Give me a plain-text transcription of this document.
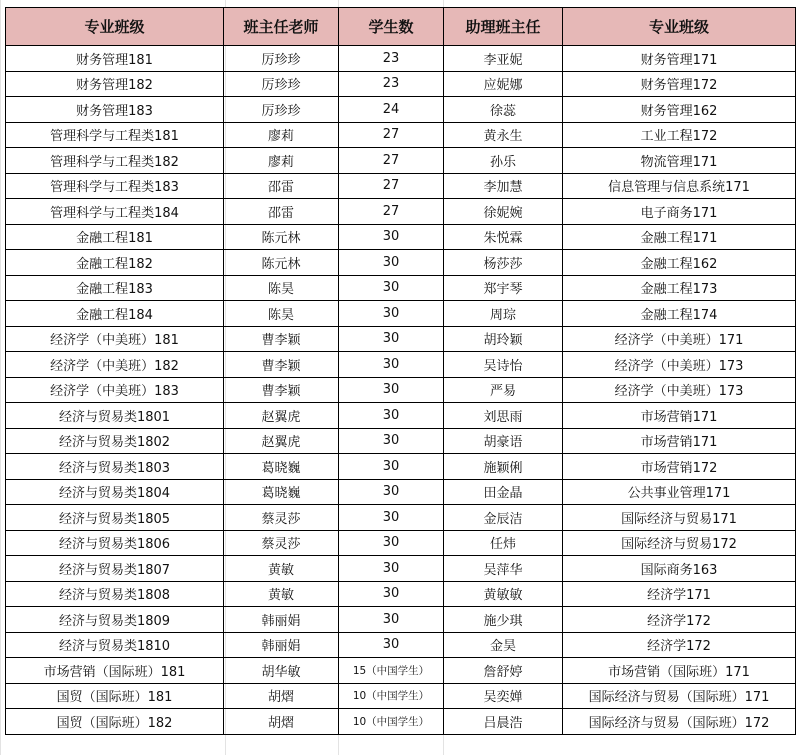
专业班级	班主任老师	学生数	助理班主任	专业班级
财务管理181	厉珍珍	23	李亚妮	财务管理171
财务管理182	厉珍珍	23	应妮娜	财务管理172
财务管理183	厉珍珍	24	徐蕊	财务管理162
管理科学与工程类181	廖莉	27	黄永生	工业工程172
管理科学与工程类182	廖莉	27	孙乐	物流管理171
管理科学与工程类183	邵雷	27	李加慧	信息管理与信息系统171
管理科学与工程类184	邵雷	27	徐妮婉	电子商务171
金融工程181	陈元林	30	朱悦霖	金融工程171
金融工程182	陈元林	30	杨莎莎	金融工程162
金融工程183	陈昊	30	郑宇琴	金融工程173
金融工程184	陈昊	30	周琮	金融工程174
经济学（中美班）181	曹李颖	30	胡玲颖	经济学（中美班）171
经济学（中美班）182	曹李颖	30	吴诗怡	经济学（中美班）173
经济学（中美班）183	曹李颖	30	严易	经济学（中美班）173
经济与贸易类1801	赵翼虎	30	刘思雨	市场营销171
经济与贸易类1802	赵翼虎	30	胡豪语	市场营销171
经济与贸易类1803	葛晓巍	30	施颖俐	市场营销172
经济与贸易类1804	葛晓巍	30	田金晶	公共事业管理171
经济与贸易类1805	蔡灵莎	30	金辰洁	国际经济与贸易171
经济与贸易类1806	蔡灵莎	30	任炜	国际经济与贸易172
经济与贸易类1807	黄敏	30	吴萍华	国际商务163
经济与贸易类1808	黄敏	30	黄敏敏	经济学171
经济与贸易类1809	韩丽娟	30	施少琪	经济学172
经济与贸易类1810	韩丽娟	30	金昊	经济学172
市场营销（国际班）181	胡华敏	15（中国学生）	詹舒婷	市场营销（国际班）171
国贸（国际班）181	胡熠	10（中国学生）	吴奕婵	国际经济与贸易（国际班）171
国贸（国际班）182	胡熠	10（中国学生）	吕晨浩	国际经济与贸易（国际班）172
